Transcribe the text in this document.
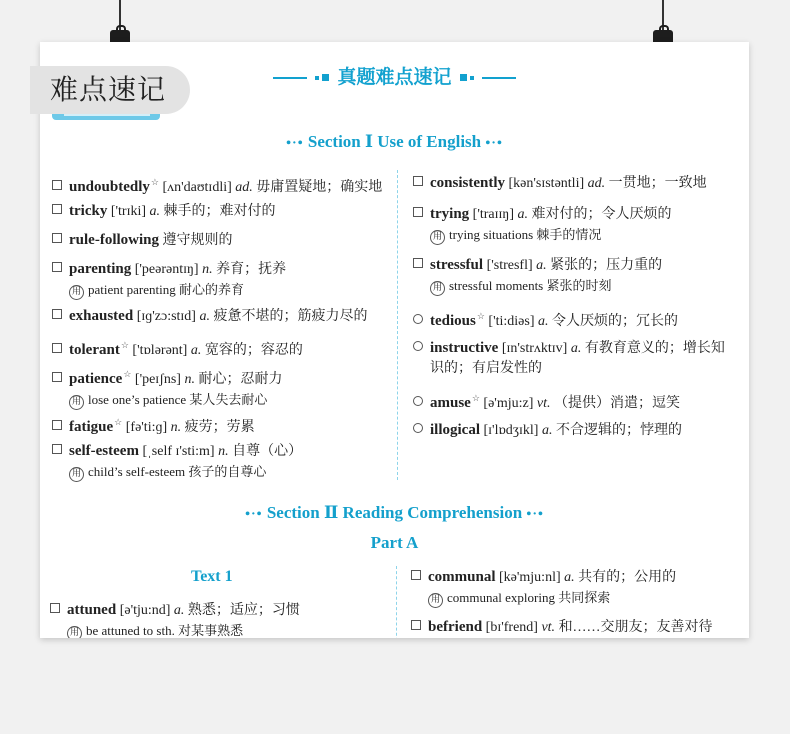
真题难点速记
•·• Section Ⅰ Use of English •·•
undoubtedly☆ [ʌn'daʊtɪdli] ad. 毋庸置疑地；确实地
tricky ['trɪki] a. 棘手的；难对付的
rule-following 遵守规则的
parenting ['peərəntɪŋ] n. 养育；抚养
用 patient parenting 耐心的养育
exhausted [ɪɡ'zɔ:stɪd] a. 疲惫不堪的；筋疲力尽的
tolerant☆ ['tɒlərənt] a. 宽容的；容忍的
patience☆ ['peɪʃns] n. 耐心；忍耐力
用 lose one’s patience 某人失去耐心
fatigue☆ [fə'ti:ɡ] n. 疲劳；劳累
self-esteem [ˌself ɪ'sti:m] n. 自尊（心）
用 child’s self-esteem 孩子的自尊心
consistently [kən'sɪstəntli] ad. 一贯地；一致地
trying ['traɪɪŋ] a. 难对付的；令人厌烦的
用 trying situations 棘手的情况
stressful ['stresfl] a. 紧张的；压力重的
用 stressful moments 紧张的时刻
tedious☆ ['ti:diəs] a. 令人厌烦的；冗长的
instructive [ɪn'strʌktɪv] a. 有教育意义的；增长知
识的；有启发性的
amuse☆ [ə'mju:z] vt. （提供）消遣；逗笑
illogical [ɪ'lɒdʒɪkl] a. 不合逻辑的；悖理的
•·• Section Ⅱ Reading Comprehension •·•
Part A
Text 1
attuned [ə'tju:nd] a. 熟悉；适应；习惯
用 be attuned to sth. 对某事熟悉
communal [kə'mju:nl] a. 共有的；公用的
用 communal exploring 共同探索
befriend [bɪ'frend] vt. 和……交朋友；友善对待
难点速记
